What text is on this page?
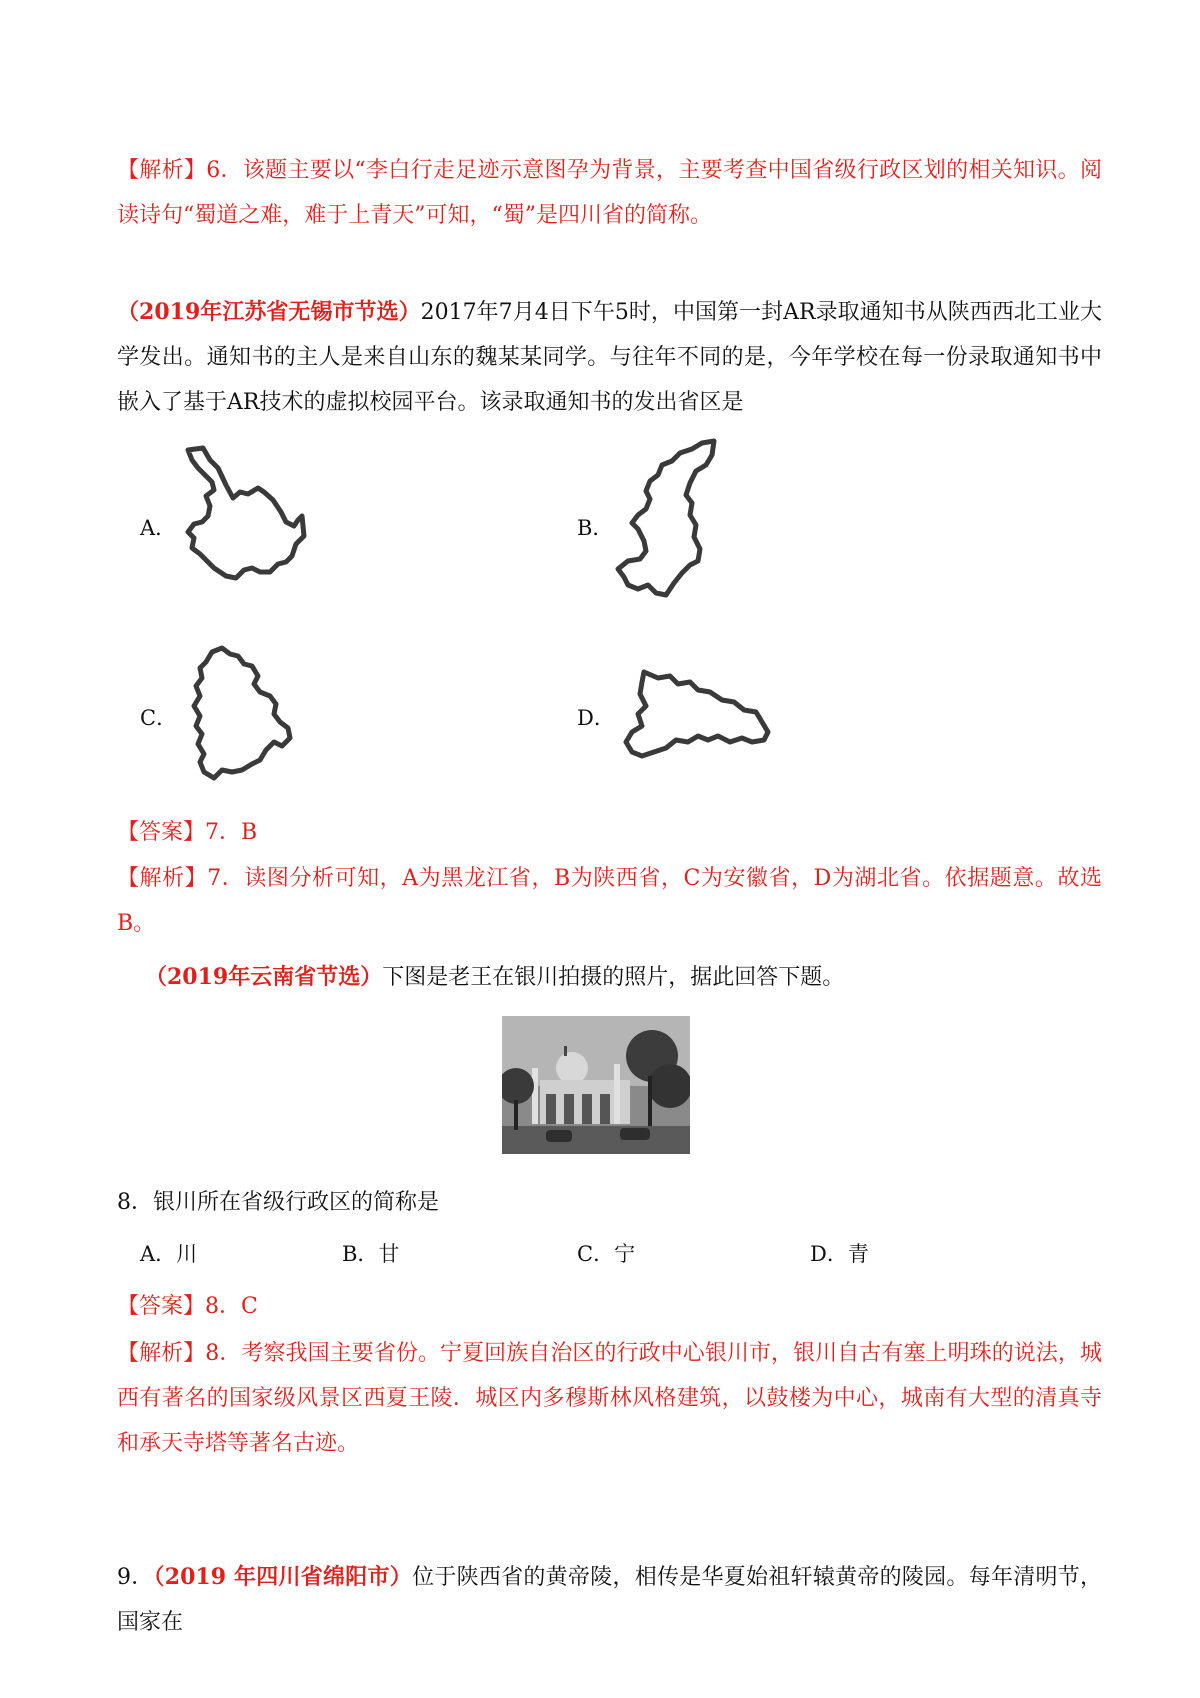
【解析】6．该题主要以“李白行走足迹示意图孕为背景，主要考查中国省级行政区划的相关知识。阅读诗句“蜀道之难，难于上青天”可知，“蜀”是四川省的简称。

（2019年江苏省无锡市节选）2017年7月4日下午5时，中国第一封AR录取通知书从陕西西北工业大学发出。通知书的主人是来自山东的魏某某同学。与往年不同的是，今年学校在每一份录取通知书中嵌入了基于AR技术的虚拟校园平台。该录取通知书的发出省区是

A．	B．
C．	D．

【答案】7．B

【解析】7．读图分析可知，A为黑龙江省，B为陕西省，C为安徽省，D为湖北省。依据题意。故选B。

（2019年云南省节选）下图是老王在银川拍摄的照片，据此回答下题。

8．银川所在省级行政区的简称是

A．川	B．甘	C．宁	D．青

【答案】8．C

【解析】8．考察我国主要省份。宁夏回族自治区的行政中心银川市，银川自古有塞上明珠的说法，城西有著名的国家级风景区西夏王陵．城区内多穆斯林风格建筑，以鼓楼为中心，城南有大型的清真寺和承天寺塔等著名古迹。

9．（2019 年四川省绵阳市）位于陕西省的黄帝陵，相传是华夏始祖轩辕黄帝的陵园。每年清明节，国家在
